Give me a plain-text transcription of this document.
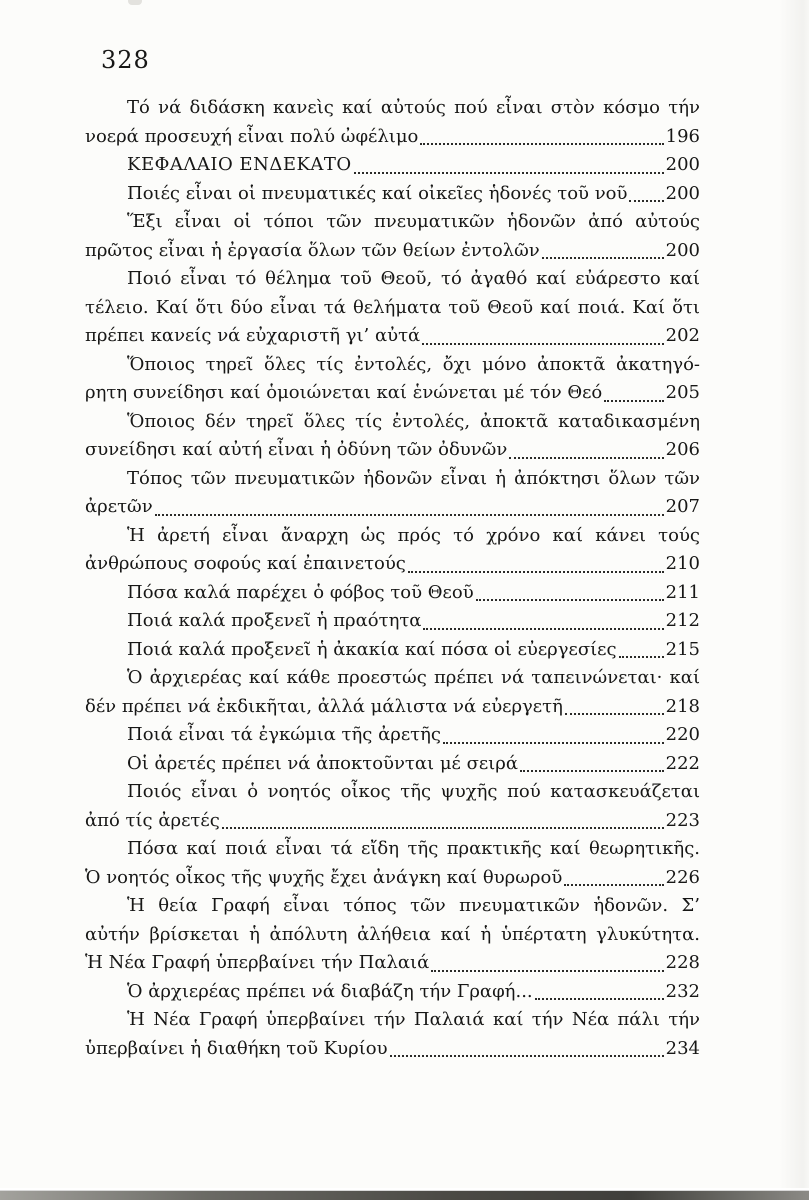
328
Τό νά διδάσκη κανεὶς καί αὐτούς πού εἶναι στὸν κόσμο τήν
νοερά προσευχή εἶναι πολύ ὠφέλιμο	196
ΚΕΦΑΛΑΙΟ ΕΝΔΕΚΑΤΟ	200
Ποιές εἶναι οἱ πνευματικές καί οἰκεῖες ἡδονές τοῦ νοῦ 200
Ἕξι εἶναι οἱ τόποι τῶν πνευματικῶν ἡδονῶν ἀπό αὐτούς
πρῶτος εἶναι ἡ ἐργασία ὅλων τῶν θείων ἐντολῶν	200
Ποιό εἶναι τό θέλημα τοῦ Θεοῦ, τό ἀγαθό καί εὐάρεστο καί
τέλειο. Καί ὅτι δύο εἶναι τά θελήματα τοῦ Θεοῦ καί ποιά. Καί ὅτι
πρέπει κανείς νά εὐχαριστῆ γι’ αὐτά	202
Ὅποιος τηρεῖ ὅλες τίς ἐντολές, ὄχι μόνο ἀποκτᾶ ἀκατηγό-
ρητη συνείδησι καί ὁμοιώνεται καί ἑνώνεται μέ τόν Θεό	205
Ὅποιος δέν τηρεῖ ὅλες τίς ἐντολές, ἀποκτᾶ καταδικασμένη
συνείδησι καί αὐτή εἶναι ἡ ὀδύνη τῶν ὀδυνῶν	206
Τόπος τῶν πνευματικῶν ἡδονῶν εἶναι ἡ ἀπόκτησι ὅλων τῶν
ἀρετῶν	207
Ἡ ἀρετή εἶναι ἄναρχη ὡς πρός τό χρόνο καί κάνει τούς
ἀνθρώπους σοφούς καί ἐπαινετούς	210
Πόσα καλά παρέχει ὁ φόβος τοῦ Θεοῦ	211
Ποιά καλά προξενεῖ ἡ πραότητα	212
Ποιά καλά προξενεῖ ἡ ἀκακία καί πόσα οἱ εὐεργεσίες	215
Ὁ ἀρχιερέας καί κάθε προεστώς πρέπει νά ταπεινώνεται· καί
δέν πρέπει νά ἐκδικῆται, ἀλλά μάλιστα νά εὐεργετῆ	218
Ποιά εἶναι τά ἐγκώμια τῆς ἀρετῆς	220
Οἱ ἀρετές πρέπει νά ἀποκτοῦνται μέ σειρά	222
Ποιός εἶναι ὁ νοητός οἶκος τῆς ψυχῆς πού κατασκευάζεται
ἀπό τίς ἀρετές	223
Πόσα καί ποιά εἶναι τά εἴδη τῆς πρακτικῆς καί θεωρητικῆς.
Ὁ νοητός οἶκος τῆς ψυχῆς ἔχει ἀνάγκη καί θυρωροῦ	226
Ἡ θεία Γραφή εἶναι τόπος τῶν πνευματικῶν ἡδονῶν. Σ’
αὐτήν βρίσκεται ἡ ἀπόλυτη ἀλήθεια καί ἡ ὑπέρτατη γλυκύτητα.
Ἡ Νέα Γραφή ὑπερβαίνει τήν Παλαιά	228
Ὁ ἀρχιερέας πρέπει νά διαβάζη τήν Γραφή...	232
Ἡ Νέα Γραφή ὑπερβαίνει τήν Παλαιά καί τήν Νέα πάλι τήν
ὑπερβαίνει ἡ διαθήκη τοῦ Κυρίου	234
